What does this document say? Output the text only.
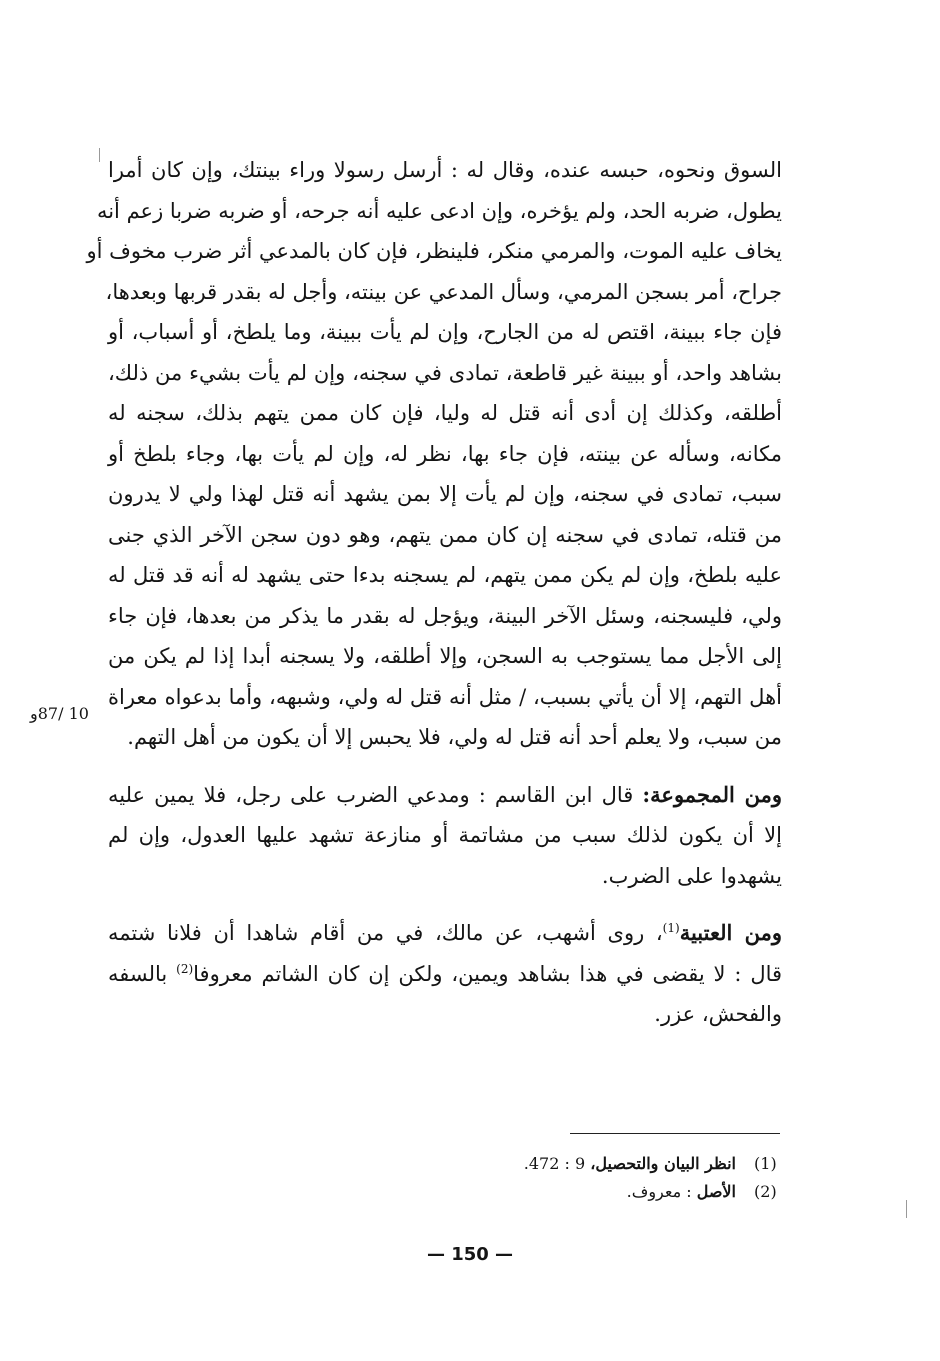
السوق ونحوه، حبسه عنده، وقال له : أرسل رسولا وراء بينتك، وإن كان أمرا
يطول، ضربه الحد، ولم يؤخره، وإن ادعى عليه أنه جرحه، أو ضربه ضربا زعم أنه
يخاف عليه الموت، والمرمي منكر، فلينظر، فإن كان بالمدعي أثر ضرب مخوف أو
جراح، أمر بسجن المرمي، وسأل المدعي عن بينته، وأجل له بقدر قربها وبعدها،
فإن جاء ببينة، اقتص له من الجارح، وإن لم يأت ببينة، وما يلطخ، أو أسباب، أو
بشاهد واحد، أو ببينة غير قاطعة، تمادى في سجنه، وإن لم يأت بشيء من ذلك،
أطلقه، وكذلك إن أدى أنه قتل له وليا، فإن كان ممن يتهم بذلك، سجنه له
مكانه، وسأله عن بينته، فإن جاء بها، نظر له، وإن لم يأت بها، وجاء بلطخ أو
سبب، تمادى في سجنه، وإن لم يأت إلا بمن يشهد أنه قتل لهذا ولي لا يدرون
من قتله، تمادى في سجنه إن كان ممن يتهم، وهو دون سجن الآخر الذي جنى
عليه بلطخ، وإن لم يكن ممن يتهم، لم يسجنه بدءا حتى يشهد له أنه قد قتل له
ولي، فليسجنه، وسئل الآخر البينة، ويؤجل له بقدر ما يذكر من بعدها، فإن جاء
إلى الأجل مما يستوجب به السجن، وإلا أطلقه، ولا يسجنه أبدا إذا لم يكن من
أهل التهم، إلا أن يأتي بسبب، / مثل أنه قتل له ولي، وشبهه، وأما بدعواه معراة
من سبب، ولا يعلم أحد أنه قتل له ولي، فلا يحبس إلا أن يكون من أهل التهم.

ومن المجموعة: قال ابن القاسم : ومدعي الضرب على رجل، فلا يمين عليه
إلا أن يكون لذلك سبب من مشاتمة أو منازعة تشهد عليها العدول، وإن لم
يشهدوا على الضرب.

ومن العتبية$^{(1)}$، روى أشهب، عن مالك، في من أقام شاهدا أن فلانا شتمه
قال : لا يقضى في هذا بشاهد ويمين، ولكن إن كان الشاتم معروفا$^{(2)}$ بالسفه
والفحش، عزر.

10 /87و
(1)
انظر البيان والتحصيل، 9 : 472.
(2)
الأصل : معروف.
— 150 —
